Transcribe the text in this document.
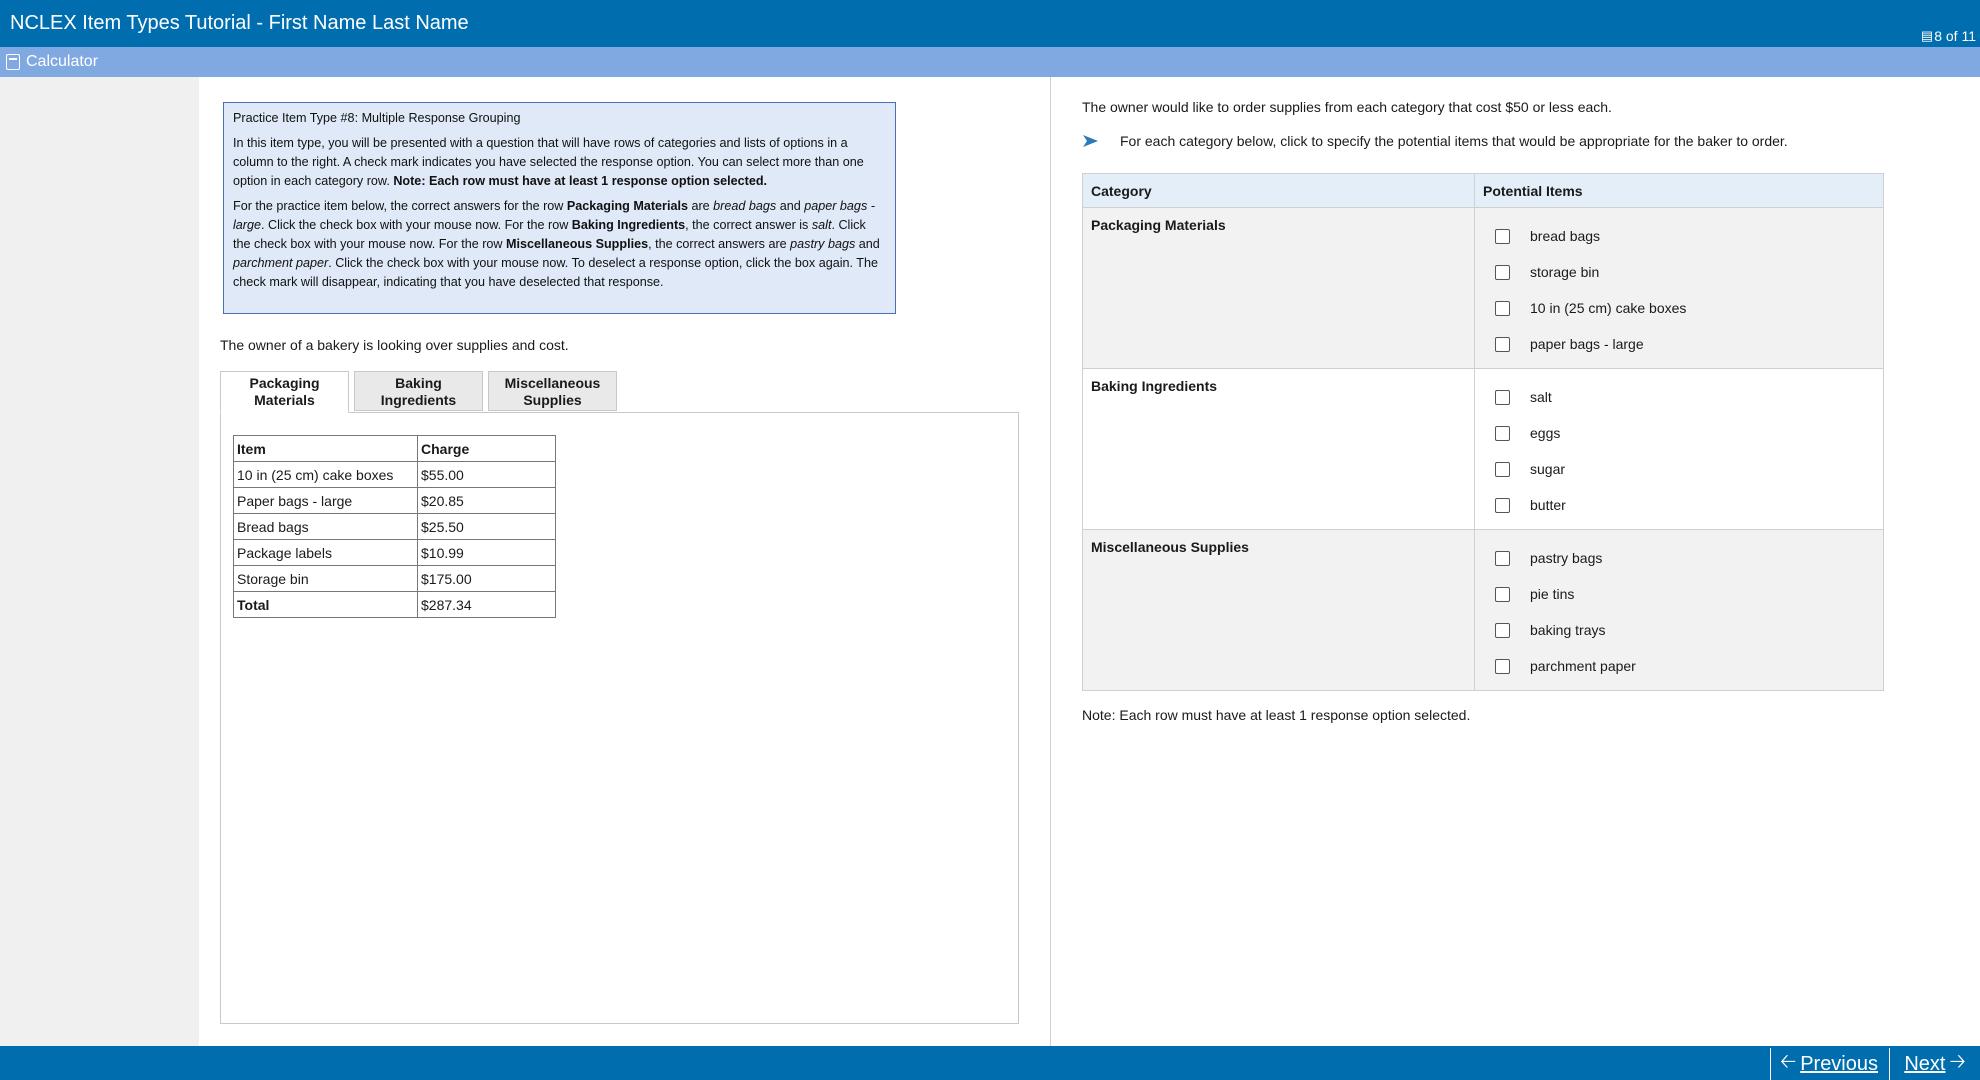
NCLEX Item Types Tutorial - First Name Last Name
▤ 8 of 11
Calculator
Practice Item Type #8: Multiple Response Grouping

In this item type, you will be presented with a question that will have rows of categories and lists of options in a column to the right. A check mark indicates you have selected the response option. You can select more than one option in each category row. Note: Each row must have at least 1 response option selected.

For the practice item below, the correct answers for the row Packaging Materials are bread bags and paper bags - large. Click the check box with your mouse now. For the row Baking Ingredients, the correct answer is salt. Click the check box with your mouse now. For the row Miscellaneous Supplies, the correct answers are pastry bags and parchment paper. Click the check box with your mouse now. To deselect a response option, click the box again. The check mark will disappear, indicating that you have deselected that response.

The owner of a bakery is looking over supplies and cost.
Packaging
Materials
Baking
Ingredients
Miscellaneous
Supplies
Item	Charge
10 in (25 cm) cake boxes	$55.00
Paper bags - large	$20.85
Bread bags	$25.50
Package labels	$10.99
Storage bin	$175.00
Total	$287.34
The owner would like to order supplies from each category that cost $50 or less each.
For each category below, click to specify the potential items that would be appropriate for the baker to order.
Category	Potential Items
Packaging Materials	bread bags
storage bin
10 in (25 cm) cake boxes
paper bags - large

Baking Ingredients	salt
eggs
sugar
butter

Miscellaneous Supplies	pastry bags
pie tins
baking trays
parchment paper
Note: Each row must have at least 1 response option selected.
🡠 Previous Next 🡢
